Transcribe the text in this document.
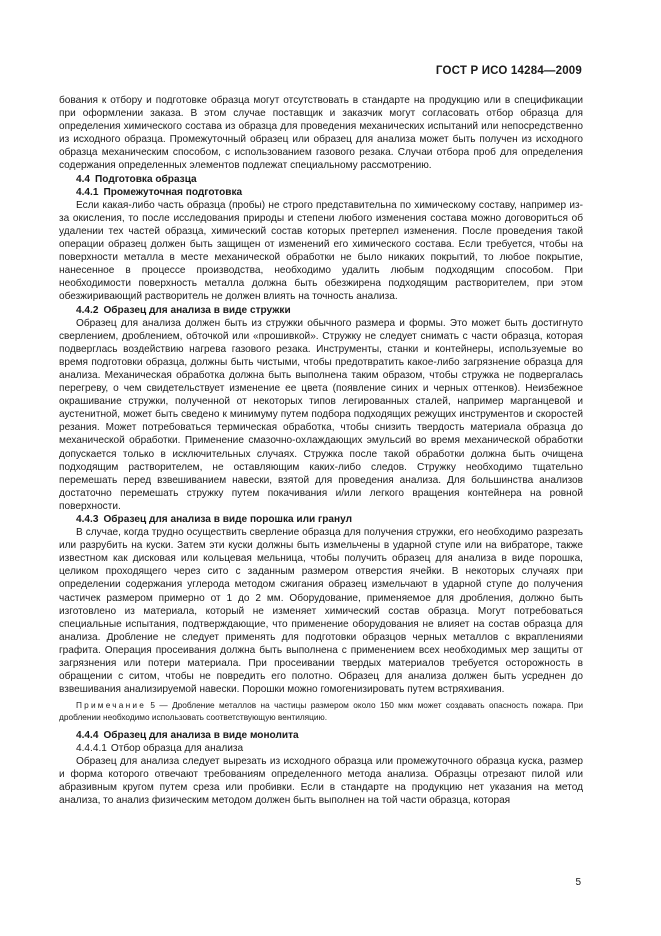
ГОСТ Р ИСО 14284—2009

бования к отбору и подготовке образца могут отсутствовать в стандарте на продукцию или в спецификации при оформлении заказа. В этом случае поставщик и заказчик могут согласовать отбор образца для определения химического состава из образца для проведения механических испытаний или непосредственно из исходного образца. Промежуточный образец или образец для анализа может быть получен из исходного образца механическим способом, с использованием газового резака. Случаи отбора проб для определения содержания определенных элементов подлежат специальному рассмотрению.

4.4 Подготовка образца
4.4.1 Промежуточная подготовка

Если какая-либо часть образца (пробы) не строго представительна по химическому составу, например из-за окисления, то после исследования природы и степени любого изменения состава можно договориться об удалении тех частей образца, химический состав которых претерпел изменения. После проведения такой операции образец должен быть защищен от изменений его химического состава. Если требуется, чтобы на поверхности металла в месте механической обработки не было никаких покрытий, то любое покрытие, нанесенное в процессе производства, необходимо удалить любым подходящим способом. При необходимости поверхность металла должна быть обезжирена подходящим растворителем, при этом обезжиривающий растворитель не должен влиять на точность анализа.

4.4.2 Образец для анализа в виде стружки

Образец для анализа должен быть из стружки обычного размера и формы. Это может быть достигнуто сверлением, дроблением, обточкой или «прошивкой». Стружку не следует снимать с части образца, которая подверглась воздействию нагрева газового резака. Инструменты, станки и контейнеры, используемые во время подготовки образца, должны быть чистыми, чтобы предотвратить какое-либо загрязнение образца для анализа. Механическая обработка должна быть выполнена таким образом, чтобы стружка не подвергалась перегреву, о чем свидетельствует изменение ее цвета (появление синих и черных оттенков). Неизбежное окрашивание стружки, полученной от некоторых типов легированных сталей, например марганцевой и аустенитной, может быть сведено к минимуму путем подбора подходящих режущих инструментов и скоростей резания. Может потребоваться термическая обработка, чтобы снизить твердость материала образца до механической обработки. Применение смазочно-охлаждающих эмульсий во время механической обработки допускается только в исключительных случаях. Стружка после такой обработки должна быть очищена подходящим растворителем, не оставляющим каких-либо следов. Стружку необходимо тщательно перемешать перед взвешиванием навески, взятой для проведения анализа. Для большинства анализов достаточно перемешать стружку путем покачивания и/или легкого вращения контейнера на ровной поверхности.

4.4.3 Образец для анализа в виде порошка или гранул

В случае, когда трудно осуществить сверление образца для получения стружки, его необходимо разрезать или разрубить на куски. Затем эти куски должны быть измельчены в ударной ступе или на вибраторе, также известном как дисковая или кольцевая мельница, чтобы получить образец для анализа в виде порошка, целиком проходящего через сито с заданным размером отверстия ячейки. В некоторых случаях при определении содержания углерода методом сжигания образец измельчают в ударной ступе до получения частичек размером примерно от 1 до 2 мм. Оборудование, применяемое для дробления, должно быть изготовлено из материала, который не изменяет химический состав образца. Могут потребоваться специальные испытания, подтверждающие, что применение оборудования не влияет на состав образца для анализа. Дробление не следует применять для подготовки образцов черных металлов с вкраплениями графита. Операция просеивания должна быть выполнена с применением всех необходимых мер защиты от загрязнения или потери материала. При просеивании твердых материалов требуется осторожность в обращении с ситом, чтобы не повредить его полотно. Образец для анализа должен быть усреднен до взвешивания анализируемой навески. Порошки можно гомогенизировать путем встряхивания.

Примечание 5 — Дробление металлов на частицы размером около 150 мкм может создавать опасность пожара. При дроблении необходимо использовать соответствующую вентиляцию.

4.4.4 Образец для анализа в виде монолита
4.4.4.1 Отбор образца для анализа

Образец для анализа следует вырезать из исходного образца или промежуточного образца куска, размер и форма которого отвечают требованиям определенного метода анализа. Образцы отрезают пилой или абразивным кругом путем среза или пробивки. Если в стандарте на продукцию нет указания на метод анализа, то анализ физическим методом должен быть выполнен на той части образца, которая

5
